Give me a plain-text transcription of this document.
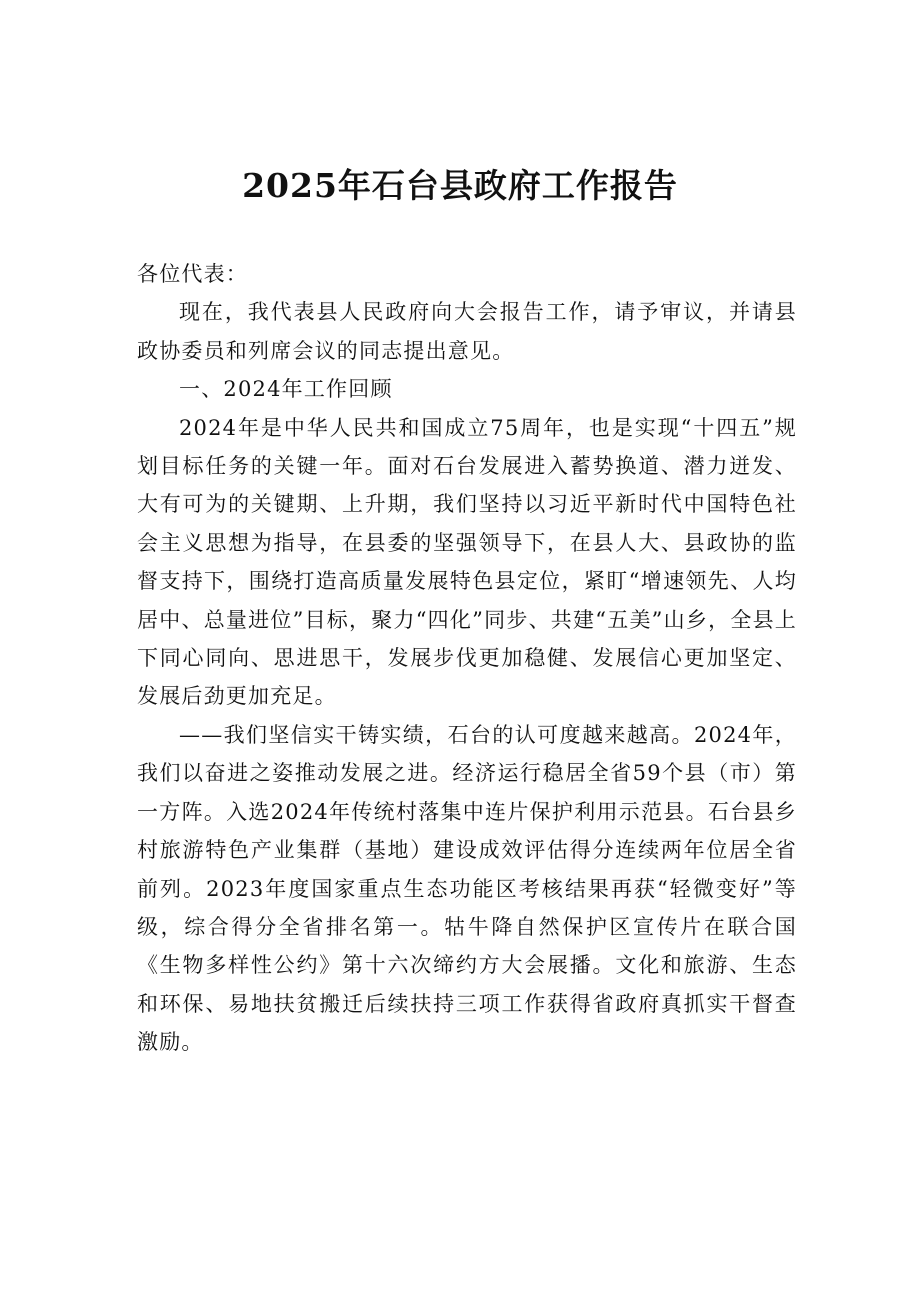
2025年石台县政府工作报告

各位代表：

现在，我代表县人民政府向大会报告工作，请予审议，并请县政协委员和列席会议的同志提出意见。

一、2024年工作回顾

2024年是中华人民共和国成立75周年，也是实现“十四五”规划目标任务的关键一年。面对石台发展进入蓄势换道、潜力迸发、大有可为的关键期、上升期，我们坚持以习近平新时代中国特色社会主义思想为指导，在县委的坚强领导下，在县人大、县政协的监督支持下，围绕打造高质量发展特色县定位，紧盯“增速领先、人均居中、总量进位”目标，聚力“四化”同步、共建“五美”山乡，全县上下同心同向、思进思干，发展步伐更加稳健、发展信心更加坚定、发展后劲更加充足。

——我们坚信实干铸实绩，石台的认可度越来越高。2024年，我们以奋进之姿推动发展之进。经济运行稳居全省59个县（市）第一方阵。入选2024年传统村落集中连片保护利用示范县。石台县乡村旅游特色产业集群（基地）建设成效评估得分连续两年位居全省前列。2023年度国家重点生态功能区考核结果再获“轻微变好”等级，综合得分全省排名第一。牯牛降自然保护区宣传片在联合国《生物多样性公约》第十六次缔约方大会展播。文化和旅游、生态和环保、易地扶贫搬迁后续扶持三项工作获得省政府真抓实干督查激励。
